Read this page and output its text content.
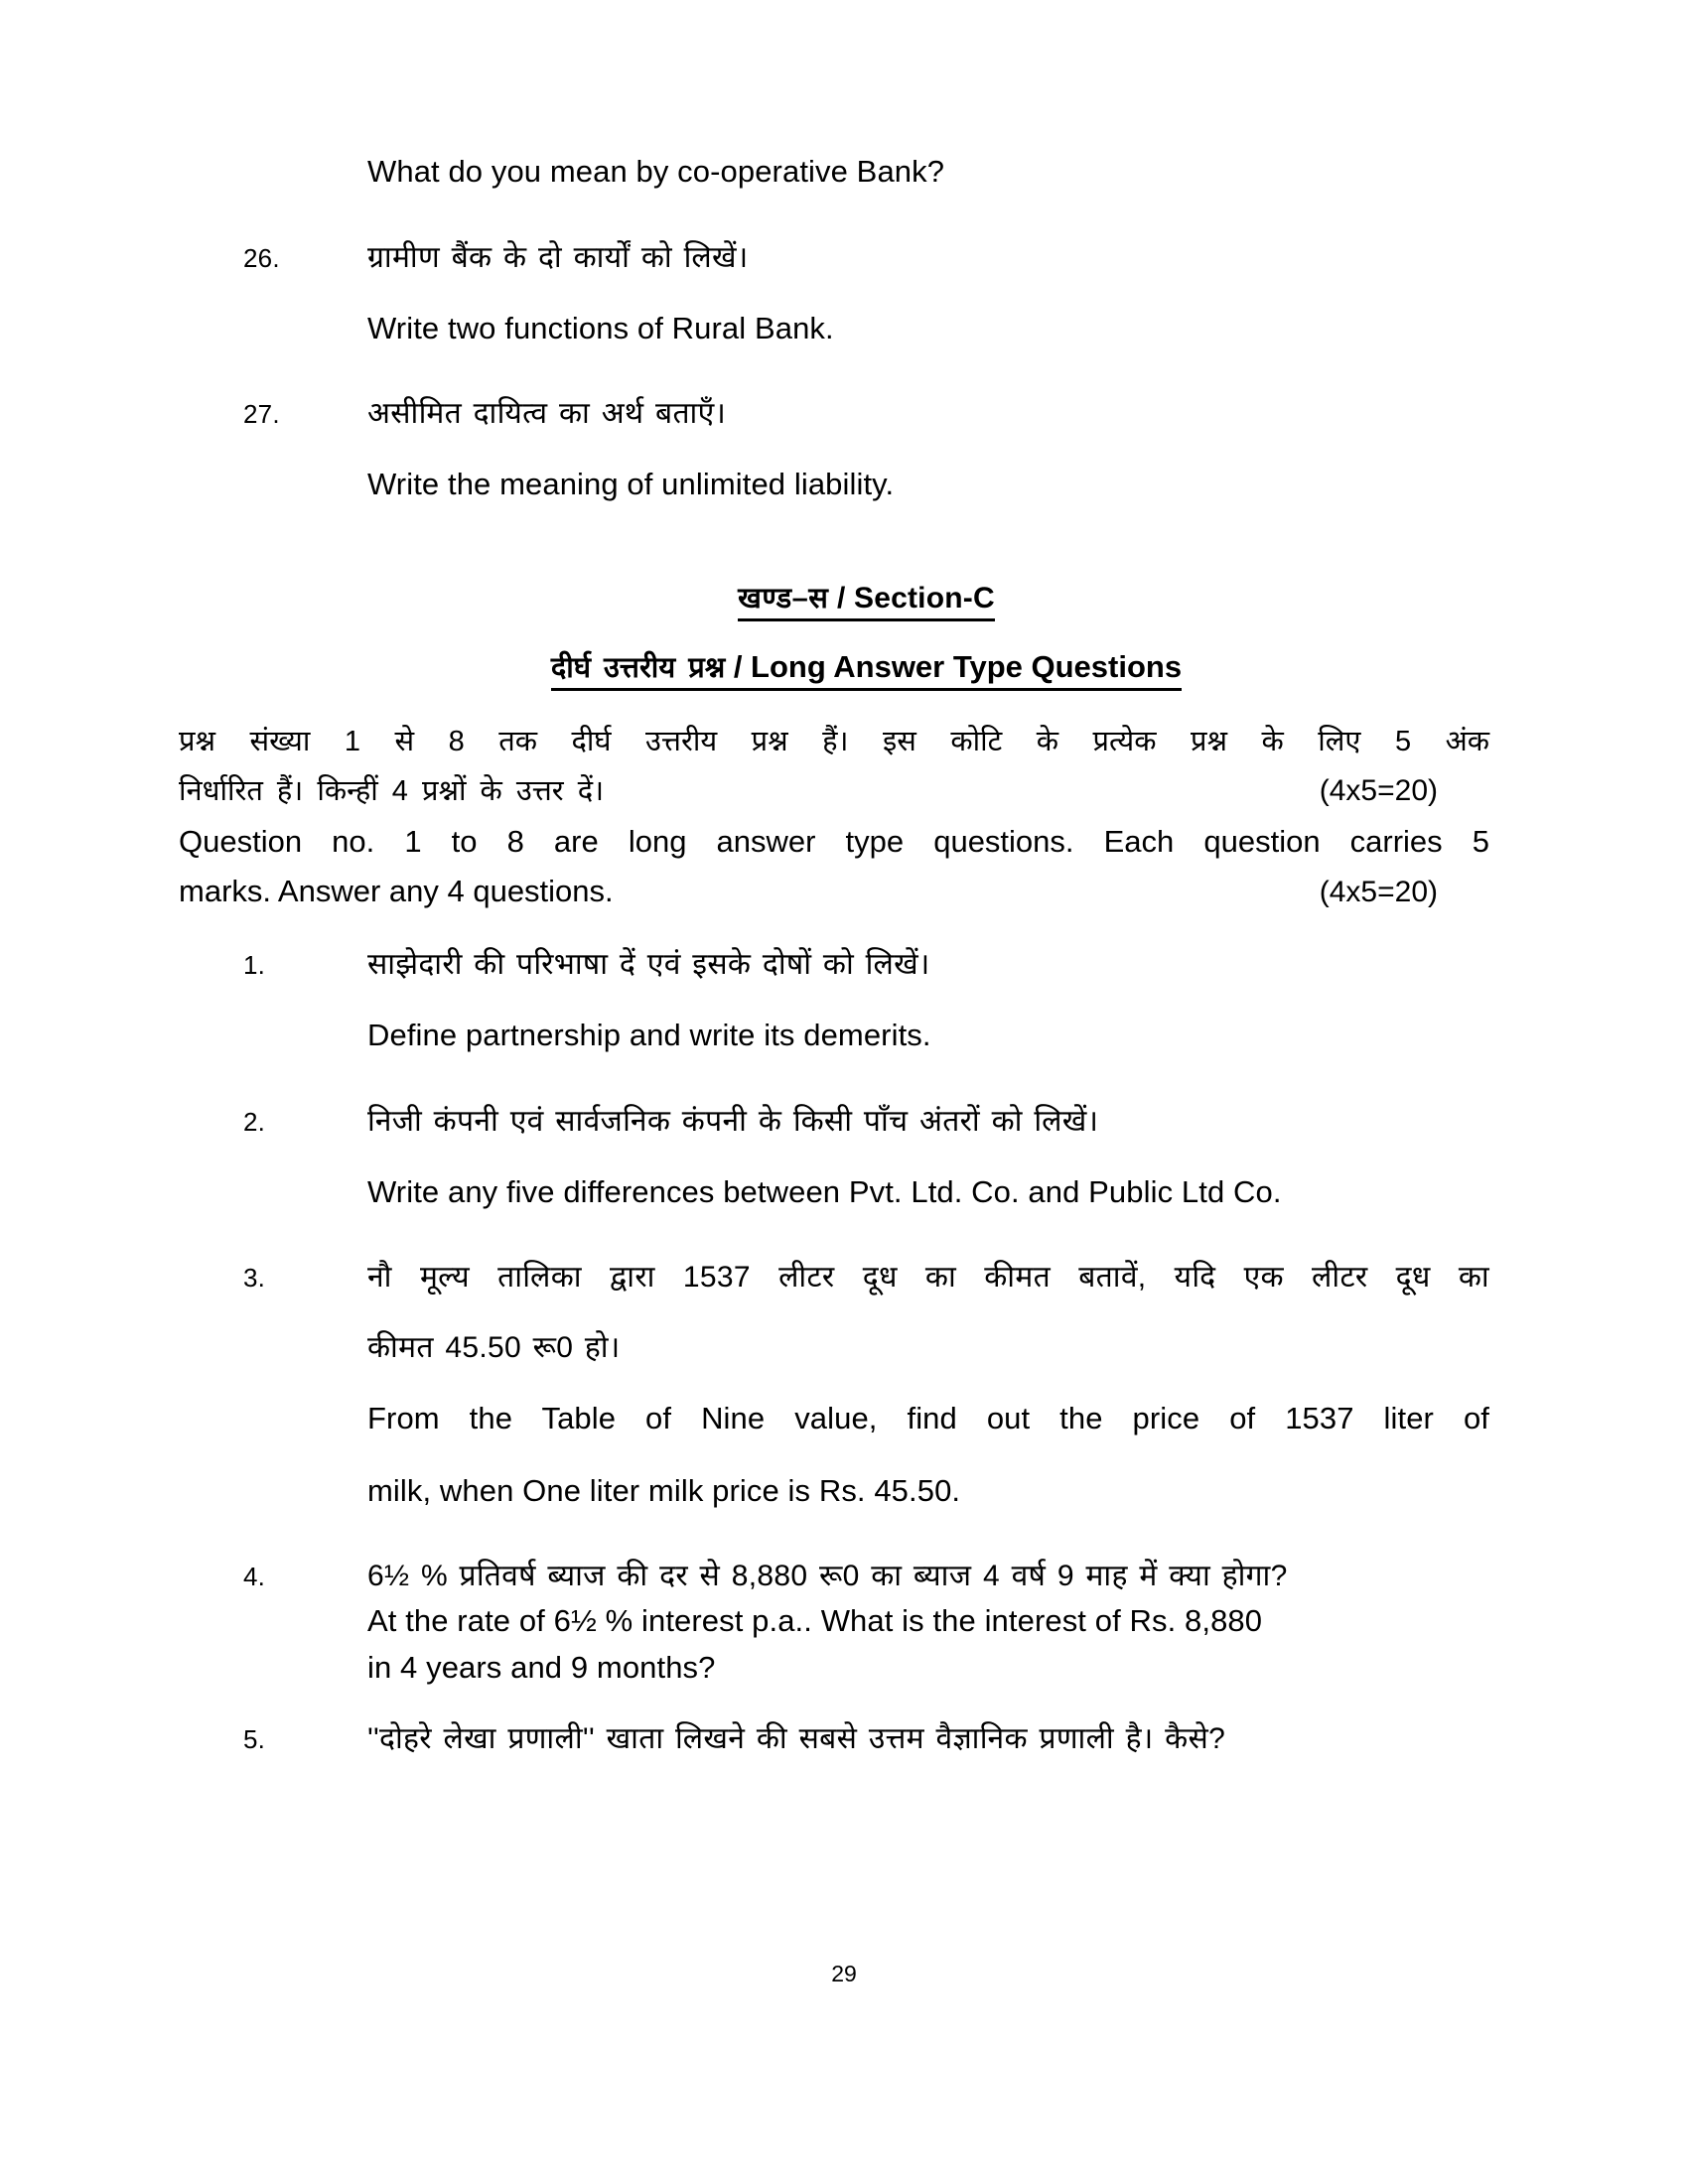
What do you mean by co-operative Bank?
26.	ग्रामीण बैंक के दो कार्यों को लिखें।
Write two functions of Rural Bank.
27.	असीमित दायित्व का अर्थ बताएँ।
Write the meaning of unlimited liability.
खण्ड–स / Section-C
दीर्घ उत्तरीय प्रश्न / Long Answer Type Questions
प्रश्न संख्या 1 से 8 तक दीर्घ उत्तरीय प्रश्न हैं। इस कोटि के प्रत्येक प्रश्न के लिए 5 अंक
निर्धारित हैं। किन्हीं 4 प्रश्नों के उत्तर दें।	(4x5=20)
Question no. 1 to 8 are long answer type questions. Each question carries 5
marks. Answer any 4 questions.	(4x5=20)
1.	साझेदारी की परिभाषा दें एवं इसके दोषों को लिखें।
Define partnership and write its demerits.
2.	निजी कंपनी एवं सार्वजनिक कंपनी के किसी पाँच अंतरों को लिखें।
Write any five differences between Pvt. Ltd. Co. and Public Ltd Co.
3.	नौ मूल्य तालिका द्वारा 1537 लीटर दूध का कीमत बतावें, यदि एक लीटर दूध का
कीमत 45.50 रू0 हो।
From the Table of Nine value, find out the price of 1537 liter of
milk, when One liter milk price is Rs. 45.50.
4.	6½ % प्रतिवर्ष ब्याज की दर से 8,880 रू0 का ब्याज 4 वर्ष 9 माह में क्या होगा?
At the rate of 6½ % interest p.a.. What is the interest of Rs. 8,880
in 4 years and 9 months?
5.	''दोहरे लेखा प्रणाली'' खाता लिखने की सबसे उत्तम वैज्ञानिक प्रणाली है। कैसे?
29
